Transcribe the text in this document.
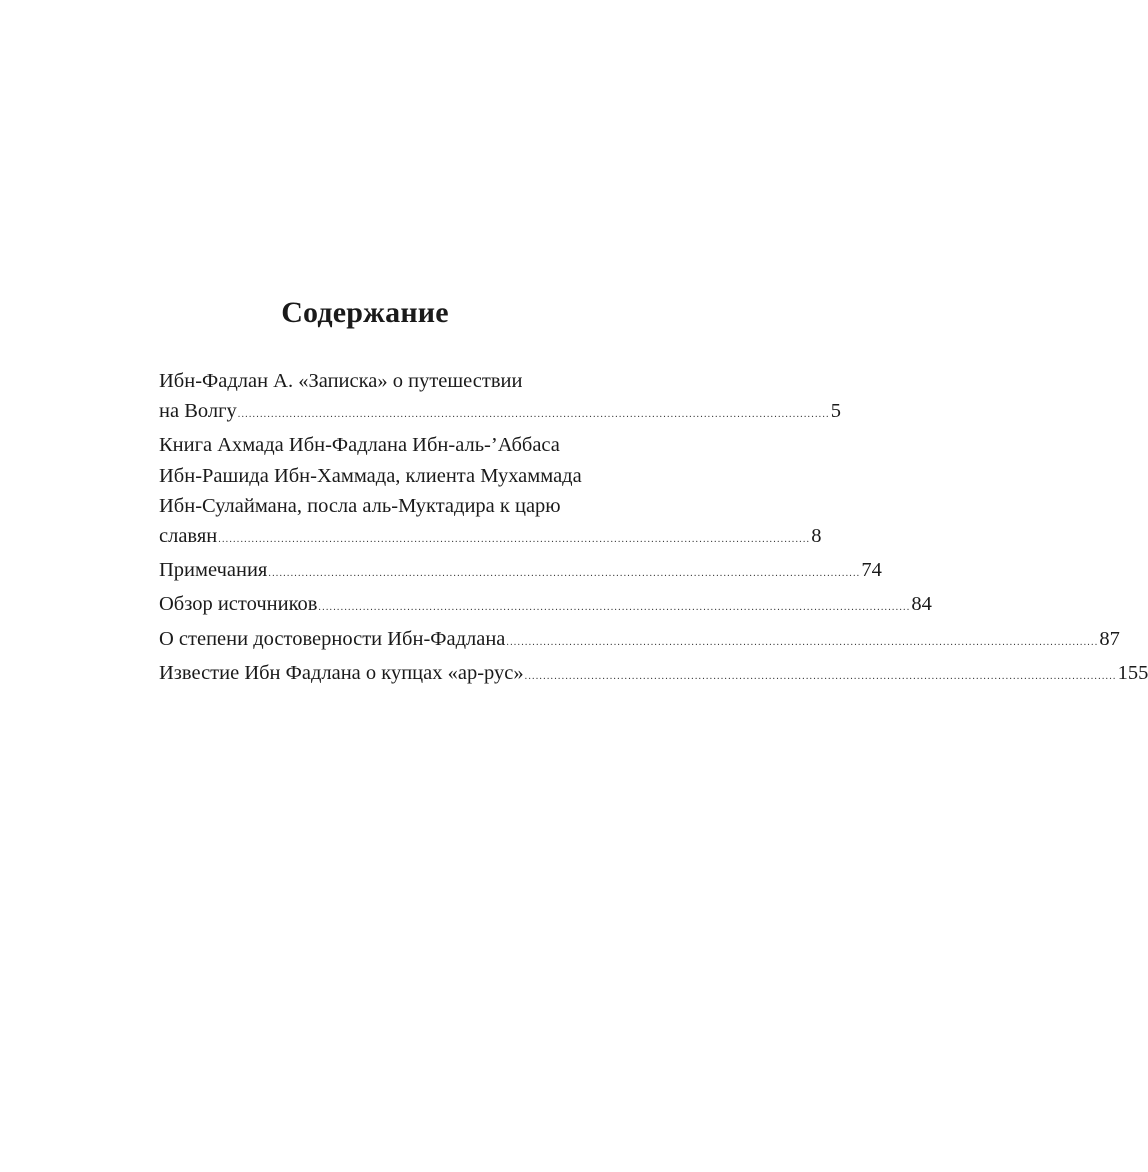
Содержание
Ибн-Фадлан А. «Записка» о путешествии
на Волгу ................................................................................................................................................................ 5
Книга Ахмада Ибн-Фадлана Ибн-аль-’Аббаса
Ибн-Рашида Ибн-Хаммада, клиента Мухаммада
Ибн-Сулаймана, посла аль-Муктадира к царю
славян ................................................................................................................................................................ 8
Примечания ................................................................................................................................................................ 74
Обзор источников ................................................................................................................................................................ 84
О степени достоверности Ибн-Фадлана ................................................................................................................................................................ 87
Известие Ибн Фадлана о купцах «ар-рус» ................................................................................................................................................................ 155
